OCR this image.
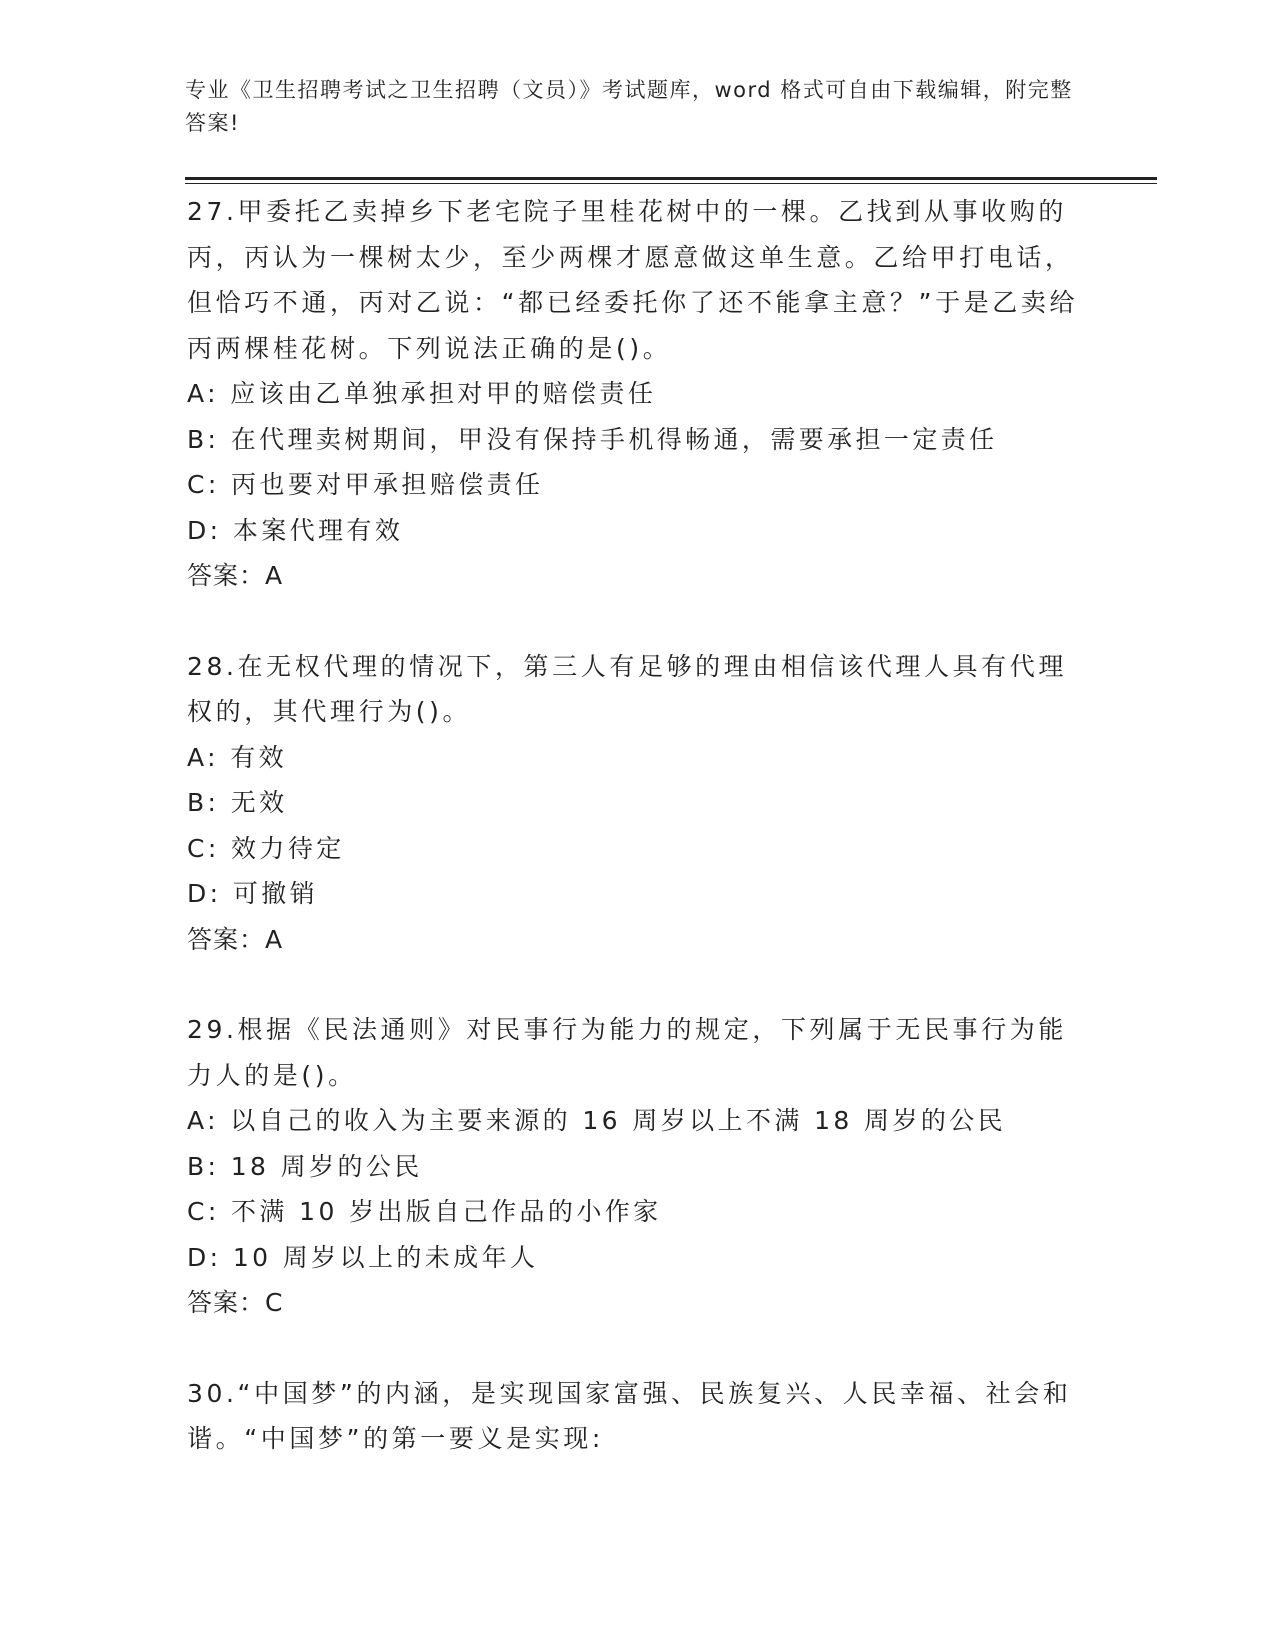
专业《卫生招聘考试之卫生招聘（文员）》考试题库，word 格式可自由下载编辑，附完整答案!

27.甲委托乙卖掉乡下老宅院子里桂花树中的一棵。乙找到从事收购的丙，丙认为一棵树太少，至少两棵才愿意做这单生意。乙给甲打电话，但恰巧不通，丙对乙说：“都已经委托你了还不能拿主意？”于是乙卖给丙两棵桂花树。下列说法正确的是()。

A: 应该由乙单独承担对甲的赔偿责任

B: 在代理卖树期间，甲没有保持手机得畅通，需要承担一定责任

C: 丙也要对甲承担赔偿责任

D: 本案代理有效

答案：A

28.在无权代理的情况下，第三人有足够的理由相信该代理人具有代理权的，其代理行为()。

A: 有效

B: 无效

C: 效力待定

D: 可撤销

答案：A

29.根据《民法通则》对民事行为能力的规定，下列属于无民事行为能力人的是()。

A: 以自己的收入为主要来源的 16 周岁以上不满 18 周岁的公民

B: 18 周岁的公民

C: 不满 10 岁出版自己作品的小作家

D: 10 周岁以上的未成年人

答案：C

30.“中国梦”的内涵，是实现国家富强、民族复兴、人民幸福、社会和谐。“中国梦”的第一要义是实现:
